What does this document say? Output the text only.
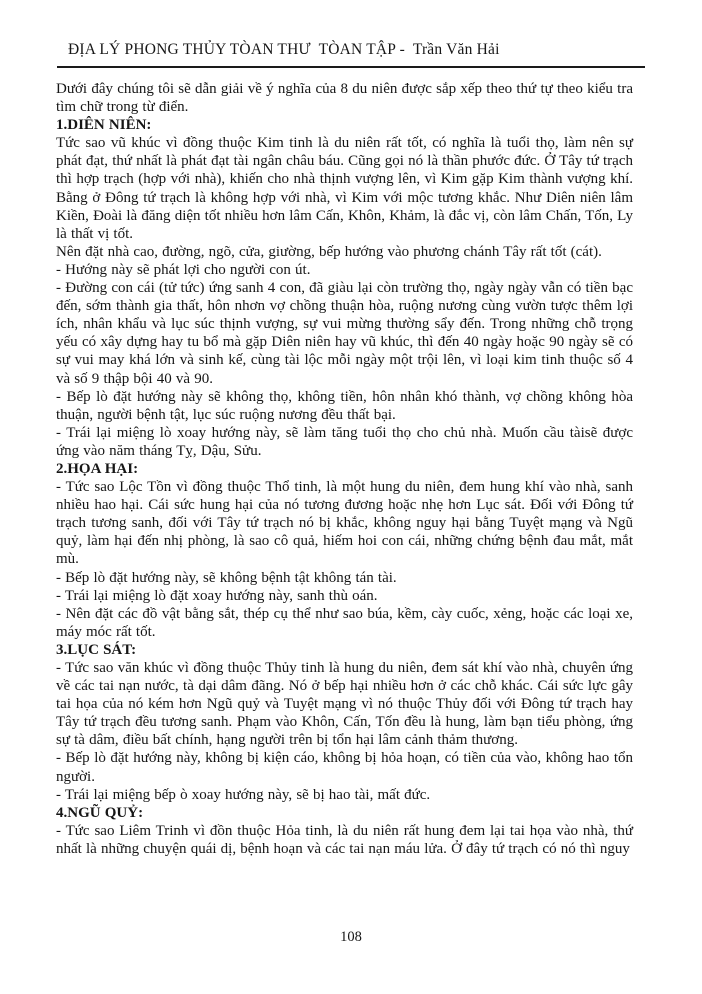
ĐỊA LÝ PHONG THỦY TÒAN THƯ  TÒAN TẬP -  Trần Văn Hải

Dưới đây chúng tôi sẽ dẫn giải về ý nghĩa của 8 du niên được sắp xếp theo thứ tự theo kiểu tra tìm chữ trong từ điển.

1.DIÊN NIÊN:

Tức sao vũ khúc vì đồng thuộc Kim tinh là du niên rất tốt, có nghĩa là tuổi thọ, làm nên sự phát đạt, thứ nhất là phát đạt tài ngân châu báu. Cũng gọi nó là thần phước đức. Ở Tây tứ trạch thì hợp trạch (hợp với nhà), khiến cho nhà thịnh vượng lên, vì Kim gặp Kim thành vượng khí. Bằng ở Đông tứ trạch là không hợp với nhà, vì Kim với mộc tương khắc. Như Diên niên lâm Kiền, Đoài là đăng diện tốt nhiều hơn lâm Cấn, Khôn, Khảm, là đắc vị, còn lâm Chấn, Tốn, Ly là thất vị tốt.

Nên đặt nhà cao, đường, ngõ, cửa, giường, bếp hướng vào phương chánh Tây rất tốt (cát).

- Hướng này sẽ phát lợi cho người con út.

- Đường con cái (tử tức) ứng sanh 4 con, đã giàu lại còn trường thọ, ngày ngày vẫn có tiền bạc đến, sớm thành gia thất, hôn nhơn vợ chồng thuận hòa, ruộng nương cùng vườn tược thêm lợi ích, nhân khẩu và lục súc thịnh vượng, sự vui mừng thường sẩy đến. Trong những chỗ trọng yếu có xây dựng hay tu bổ mà gặp Diên niên hay vũ khúc, thì đến 40 ngày hoặc 90 ngày sẽ có sự vui may khá lớn và sinh kế, cùng tài lộc mỗi ngày một trội lên, vì loại kim tinh thuộc số 4 và số 9 thập bội 40 và 90.

- Bếp lò đặt hướng này sẽ không thọ, không tiền, hôn nhân khó thành, vợ chồng không hòa thuận, người bệnh tật, lục súc ruộng nương đều thất bại.

- Trái lại miệng lò xoay hướng này, sẽ làm tăng tuổi thọ cho chủ nhà. Muốn cầu tàisẽ được ứng vào năm tháng Tỵ, Dậu, Sửu.

2.HỌA HẠI:

- Tức sao Lộc Tồn vì đồng thuộc Thổ tinh, là một hung du niên, đem hung khí vào nhà, sanh nhiều hao hại. Cái sức hung hại của nó tương đương hoặc nhẹ hơn Lục sát. Đối với Đông tứ trạch tương sanh, đối với Tây tứ trạch nó bị khắc, không nguy hại bằng Tuyệt mạng và Ngũ quỷ, làm hại đến nhị phòng, là sao cô quả, hiếm hoi con cái, những chứng bệnh đau mắt, mắt mù.

- Bếp lò đặt hướng này, sẽ không bệnh tật không tán tài.

- Trái lại miệng lò đặt xoay hướng này, sanh thù oán.

- Nên đặt các đồ vật bằng sắt, thép cụ thể như sao búa, kềm, cày cuốc, xẻng, hoặc các loại xe, máy móc rất tốt.

3.LỤC SÁT:

- Tức sao văn khúc vì đồng thuộc Thủy tinh là hung du niên, đem sát khí vào nhà, chuyên ứng về các tai nạn nước, tà dại dâm đãng. Nó ở bếp hại nhiều hơn ở các chỗ khác. Cái sức lực gây tai họa của nó kém hơn Ngũ quỷ và Tuyệt mạng vì nó thuộc Thủy đối với Đông tứ trạch hay Tây tứ trạch đều tương sanh. Phạm vào Khôn, Cấn, Tốn đều là hung, làm bạn tiểu phòng, ứng sự tà dâm, điều bất chính, hạng người trên bị tổn hại lâm cảnh thảm thương.

- Bếp lò đặt hướng này, không bị kiện cáo, không bị hỏa hoạn, có tiền của vào, không hao tổn người.

- Trái lại miệng bếp ò xoay hướng này, sẽ bị hao tài, mất đức.

4.NGŨ QUỶ:

- Tức sao Liêm Trinh vì đồn thuộc Hỏa tinh, là du niên rất hung đem lại tai họa vào nhà, thứ nhất là những chuyện quái dị, bệnh hoạn và các tai nạn máu lửa. Ở đây tứ trạch có nó thì nguy

108
